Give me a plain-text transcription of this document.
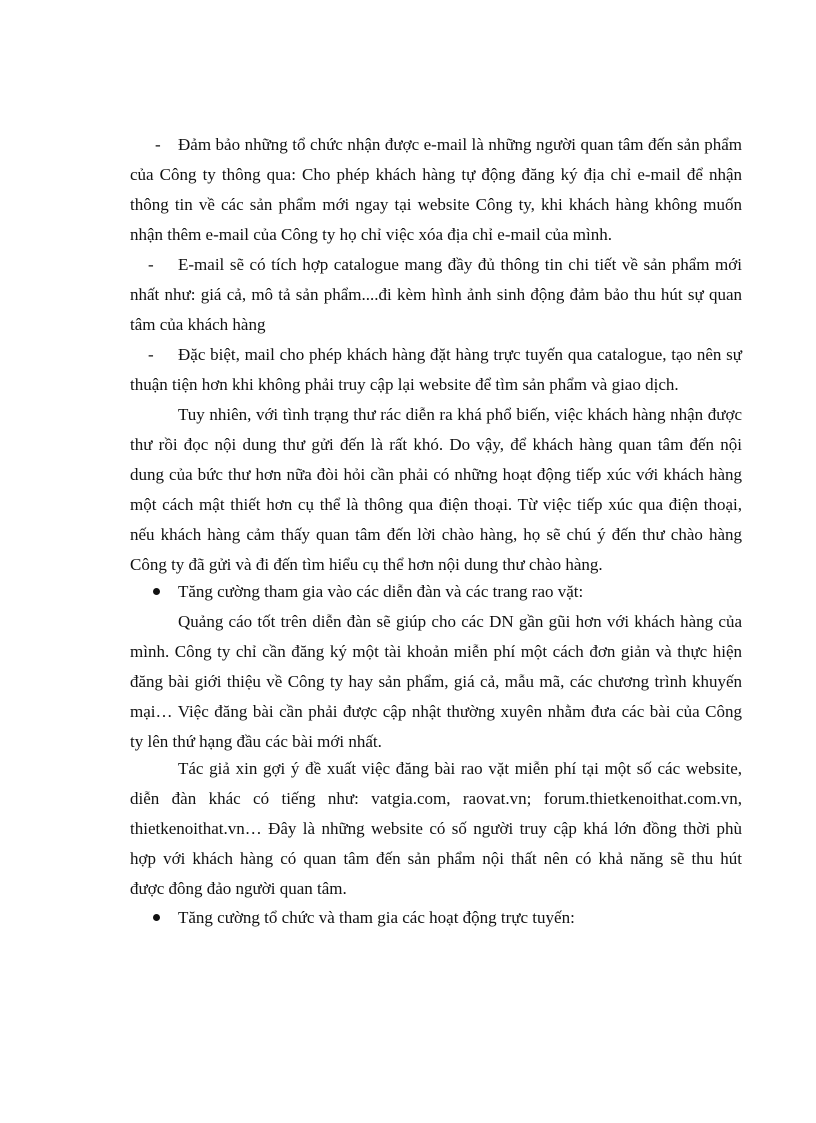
-	Đảm bảo những tổ chức nhận được e-mail là những người quan tâm đến sản phẩm
của Công ty thông qua: Cho phép khách hàng tự động đăng ký địa chỉ e-mail để nhận
thông tin về các sản phẩm mới ngay tại website Công ty, khi khách hàng không muốn
nhận thêm e-mail của Công ty họ chỉ việc xóa địa chỉ e-mail của mình.
-	E-mail sẽ có tích hợp catalogue mang đầy đủ thông tin chi tiết về sản phẩm mới
nhất như: giá cả, mô tả sản phẩm....đi kèm hình ảnh sinh động đảm bảo thu hút sự quan
tâm của khách hàng
-	Đặc biệt, mail cho phép khách hàng đặt hàng trực tuyến qua catalogue, tạo nên sự
thuận tiện hơn khi không phải truy cập lại website để tìm sản phẩm và giao dịch.
Tuy nhiên, với tình trạng thư rác diễn ra khá phổ biến, việc khách hàng nhận được
thư rồi đọc nội dung thư gửi đến là rất khó. Do vậy, để khách hàng quan tâm đến nội
dung của bức thư hơn nữa đòi hỏi cần phải có những hoạt động tiếp xúc với khách hàng
một cách mật thiết hơn cụ thể là thông qua điện thoại. Từ việc tiếp xúc qua điện thoại,
nếu khách hàng cảm thấy quan tâm đến lời chào hàng, họ sẽ chú ý đến thư chào hàng
Công ty đã gửi và đi đến tìm hiểu cụ thể hơn nội dung thư chào hàng.
Tăng cường tham gia vào các diễn đàn và các trang rao vặt:
Quảng cáo tốt trên diễn đàn sẽ giúp cho các DN gần gũi hơn với khách hàng của
mình. Công ty chỉ cần đăng ký một tài khoản miễn phí một cách đơn giản và thực hiện
đăng bài giới thiệu về Công ty hay sản phẩm, giá cả, mẫu mã, các chương trình khuyến
mại… Việc đăng bài cần phải được cập nhật thường xuyên nhằm đưa các bài của Công
ty lên thứ hạng đầu các bài mới nhất.
Tác giả xin gợi ý đề xuất việc đăng bài rao vặt miễn phí tại một số các website,
diễn đàn khác có tiếng như: vatgia.com, raovat.vn; forum.thietkenoithat.com.vn,
thietkenoithat.vn… Đây là những website có số người truy cập khá lớn đồng thời phù
hợp với khách hàng có quan tâm đến sản phẩm nội thất nên có khả năng sẽ thu hút
được đông đảo người quan tâm.
Tăng cường tổ chức và tham gia các hoạt động trực tuyến:
